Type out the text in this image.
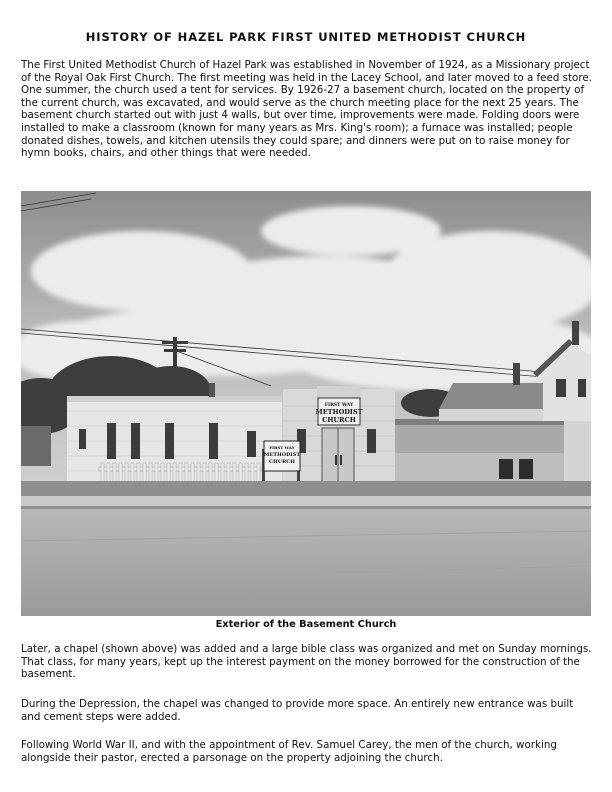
HISTORY OF HAZEL PARK FIRST UNITED METHODIST CHURCH

The First United Methodist Church of Hazel Park was established in November of 1924, as a Missionary project of the Royal Oak First Church. The first meeting was held in the Lacey School, and later moved to a feed store. One summer, the church used a tent for services. By 1926-27 a basement church, located on the property of the current church, was excavated, and would serve as the church meeting place for the next 25 years. The basement church started out with just 4 walls, but over time, improvements were made. Folding doors were installed to make a classroom (known for many years as Mrs. King's room); a furnace was installed; people donated dishes, towels, and kitchen utensils they could spare; and dinners were put on to raise money for hymn books, chairs, and other things that were needed.

FIRST WAY
METHODIST
CHURCH
FIRST WAY
METHODIST
CHURCH

Exterior of the Basement Church

Later, a chapel (shown above) was added and a large bible class was organized and met on Sunday mornings. That class, for many years, kept up the interest payment on the money borrowed for the construction of the basement.

During the Depression, the chapel was changed to provide more space. An entirely new entrance was built and cement steps were added.

Following World War II, and with the appointment of Rev. Samuel Carey, the men of the church, working alongside their pastor, erected a parsonage on the property adjoining the church.
